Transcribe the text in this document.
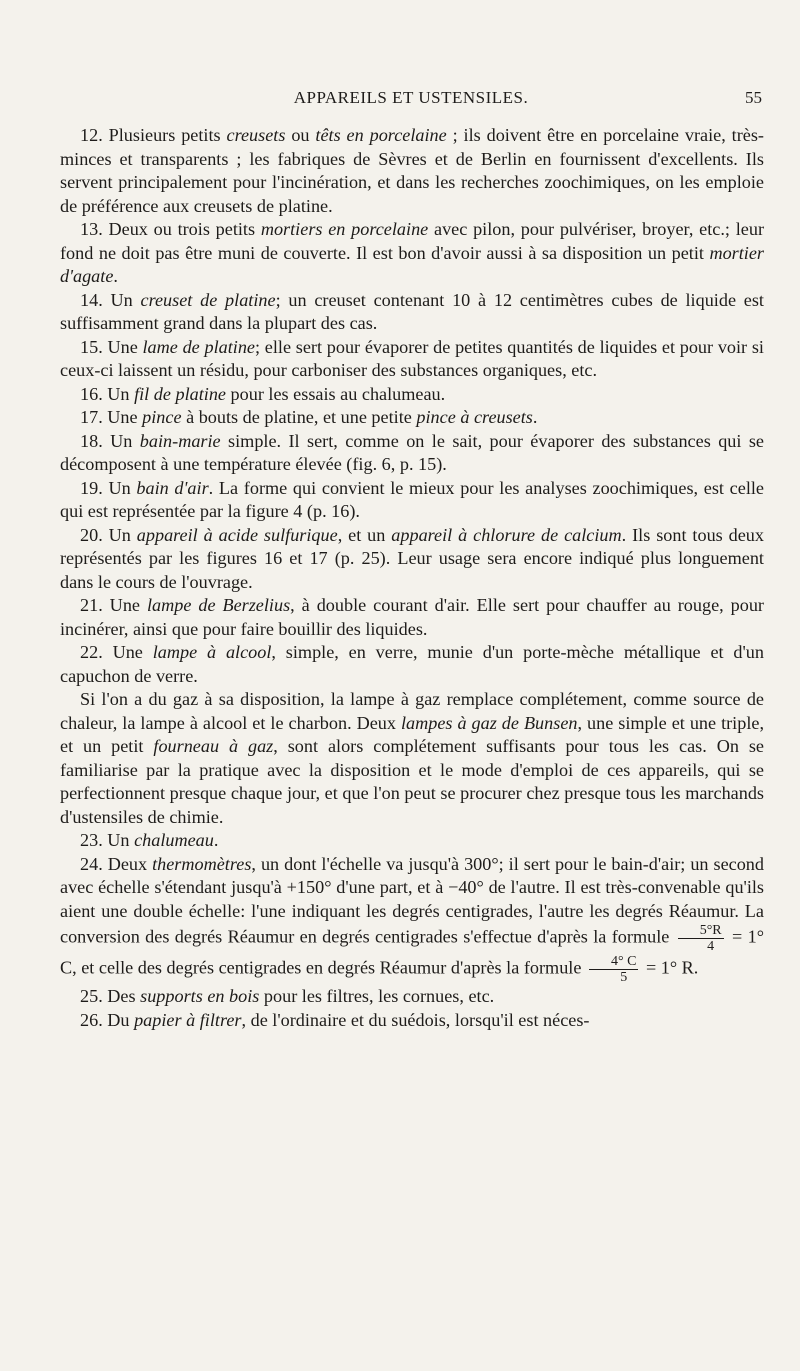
APPAREILS ET USTENSILES.	55

12. Plusieurs petits creusets ou têts en porcelaine ; ils doivent être en porcelaine vraie, très-minces et transparents ; les fabriques de Sèvres et de Berlin en fournissent d'excellents. Ils servent principalement pour l'incinération, et dans les recherches zoochimiques, on les emploie de préférence aux creusets de platine.

13. Deux ou trois petits mortiers en porcelaine avec pilon, pour pulvériser, broyer, etc.; leur fond ne doit pas être muni de couverte. Il est bon d'avoir aussi à sa disposition un petit mortier d'agate.

14. Un creuset de platine; un creuset contenant 10 à 12 centimètres cubes de liquide est suffisamment grand dans la plupart des cas.

15. Une lame de platine; elle sert pour évaporer de petites quantités de liquides et pour voir si ceux-ci laissent un résidu, pour carboniser des substances organiques, etc.

16. Un fil de platine pour les essais au chalumeau.

17. Une pince à bouts de platine, et une petite pince à creusets.

18. Un bain-marie simple. Il sert, comme on le sait, pour évaporer des substances qui se décomposent à une température élevée (fig. 6, p. 15).

19. Un bain d'air. La forme qui convient le mieux pour les analyses zoochimiques, est celle qui est représentée par la figure 4 (p. 16).

20. Un appareil à acide sulfurique, et un appareil à chlorure de calcium. Ils sont tous deux représentés par les figures 16 et 17 (p. 25). Leur usage sera encore indiqué plus longuement dans le cours de l'ouvrage.

21. Une lampe de Berzelius, à double courant d'air. Elle sert pour chauffer au rouge, pour incinérer, ainsi que pour faire bouillir des liquides.

22. Une lampe à alcool, simple, en verre, munie d'un porte-mèche métallique et d'un capuchon de verre.

Si l'on a du gaz à sa disposition, la lampe à gaz remplace complétement, comme source de chaleur, la lampe à alcool et le charbon. Deux lampes à gaz de Bunsen, une simple et une triple, et un petit fourneau à gaz, sont alors complétement suffisants pour tous les cas. On se familiarise par la pratique avec la disposition et le mode d'emploi de ces appareils, qui se perfectionnent presque chaque jour, et que l'on peut se procurer chez presque tous les marchands d'ustensiles de chimie.

23. Un chalumeau.

24. Deux thermomètres, un dont l'échelle va jusqu'à 300°; il sert pour le bain-d'air; un second avec échelle s'étendant jusqu'à +150° d'une part, et à −40° de l'autre. Il est très-convenable qu'ils aient une double échelle: l'une indiquant les degrés centigrades, l'autre les degrés Réaumur. La conversion des degrés Réaumur en degrés centigrades s'effectue d'après la formule $\frac{5^\circ R}{4} = 1^\circ$ C, et celle des degrés centigrades en degrés Réaumur d'après la formule $\frac{4^\circ C}{5} = 1^\circ$ R.

25. Des supports en bois pour les filtres, les cornues, etc.

26. Du papier à filtrer, de l'ordinaire et du suédois, lorsqu'il est néces-
